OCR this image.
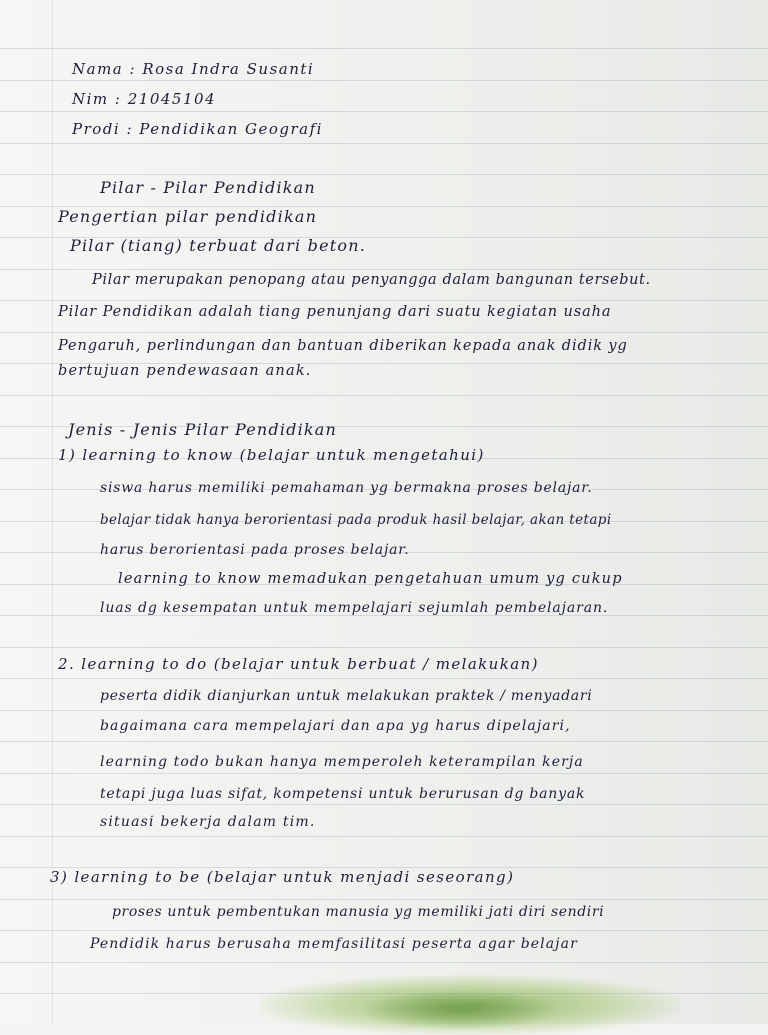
Nama : Rosa Indra Susanti
Nim : 21045104
Prodi : Pendidikan Geografi
Pilar - Pilar Pendidikan
Pengertian pilar pendidikan
Pilar (tiang) terbuat dari beton.
Pilar merupakan penopang atau penyangga dalam bangunan tersebut.
Pilar Pendidikan adalah tiang penunjang dari suatu kegiatan usaha
Pengaruh, perlindungan dan bantuan diberikan kepada anak didik yg
bertujuan pendewasaan anak.
Jenis - Jenis Pilar Pendidikan
1) learning to know (belajar untuk mengetahui)
siswa harus memiliki pemahaman yg bermakna proses belajar.
belajar tidak hanya berorientasi pada produk hasil belajar, akan tetapi
harus berorientasi pada proses belajar.
learning to know memadukan pengetahuan umum yg cukup
luas dg kesempatan untuk mempelajari sejumlah pembelajaran.
2. learning to do (belajar untuk berbuat / melakukan)
peserta didik dianjurkan untuk melakukan praktek / menyadari
bagaimana cara mempelajari dan apa yg harus dipelajari,
learning todo bukan hanya memperoleh keterampilan kerja
tetapi juga luas sifat, kompetensi untuk berurusan dg banyak
situasi bekerja dalam tim.
3) learning to be (belajar untuk menjadi seseorang)
proses untuk pembentukan manusia yg memiliki jati diri sendiri
Pendidik harus berusaha memfasilitasi peserta agar belajar
